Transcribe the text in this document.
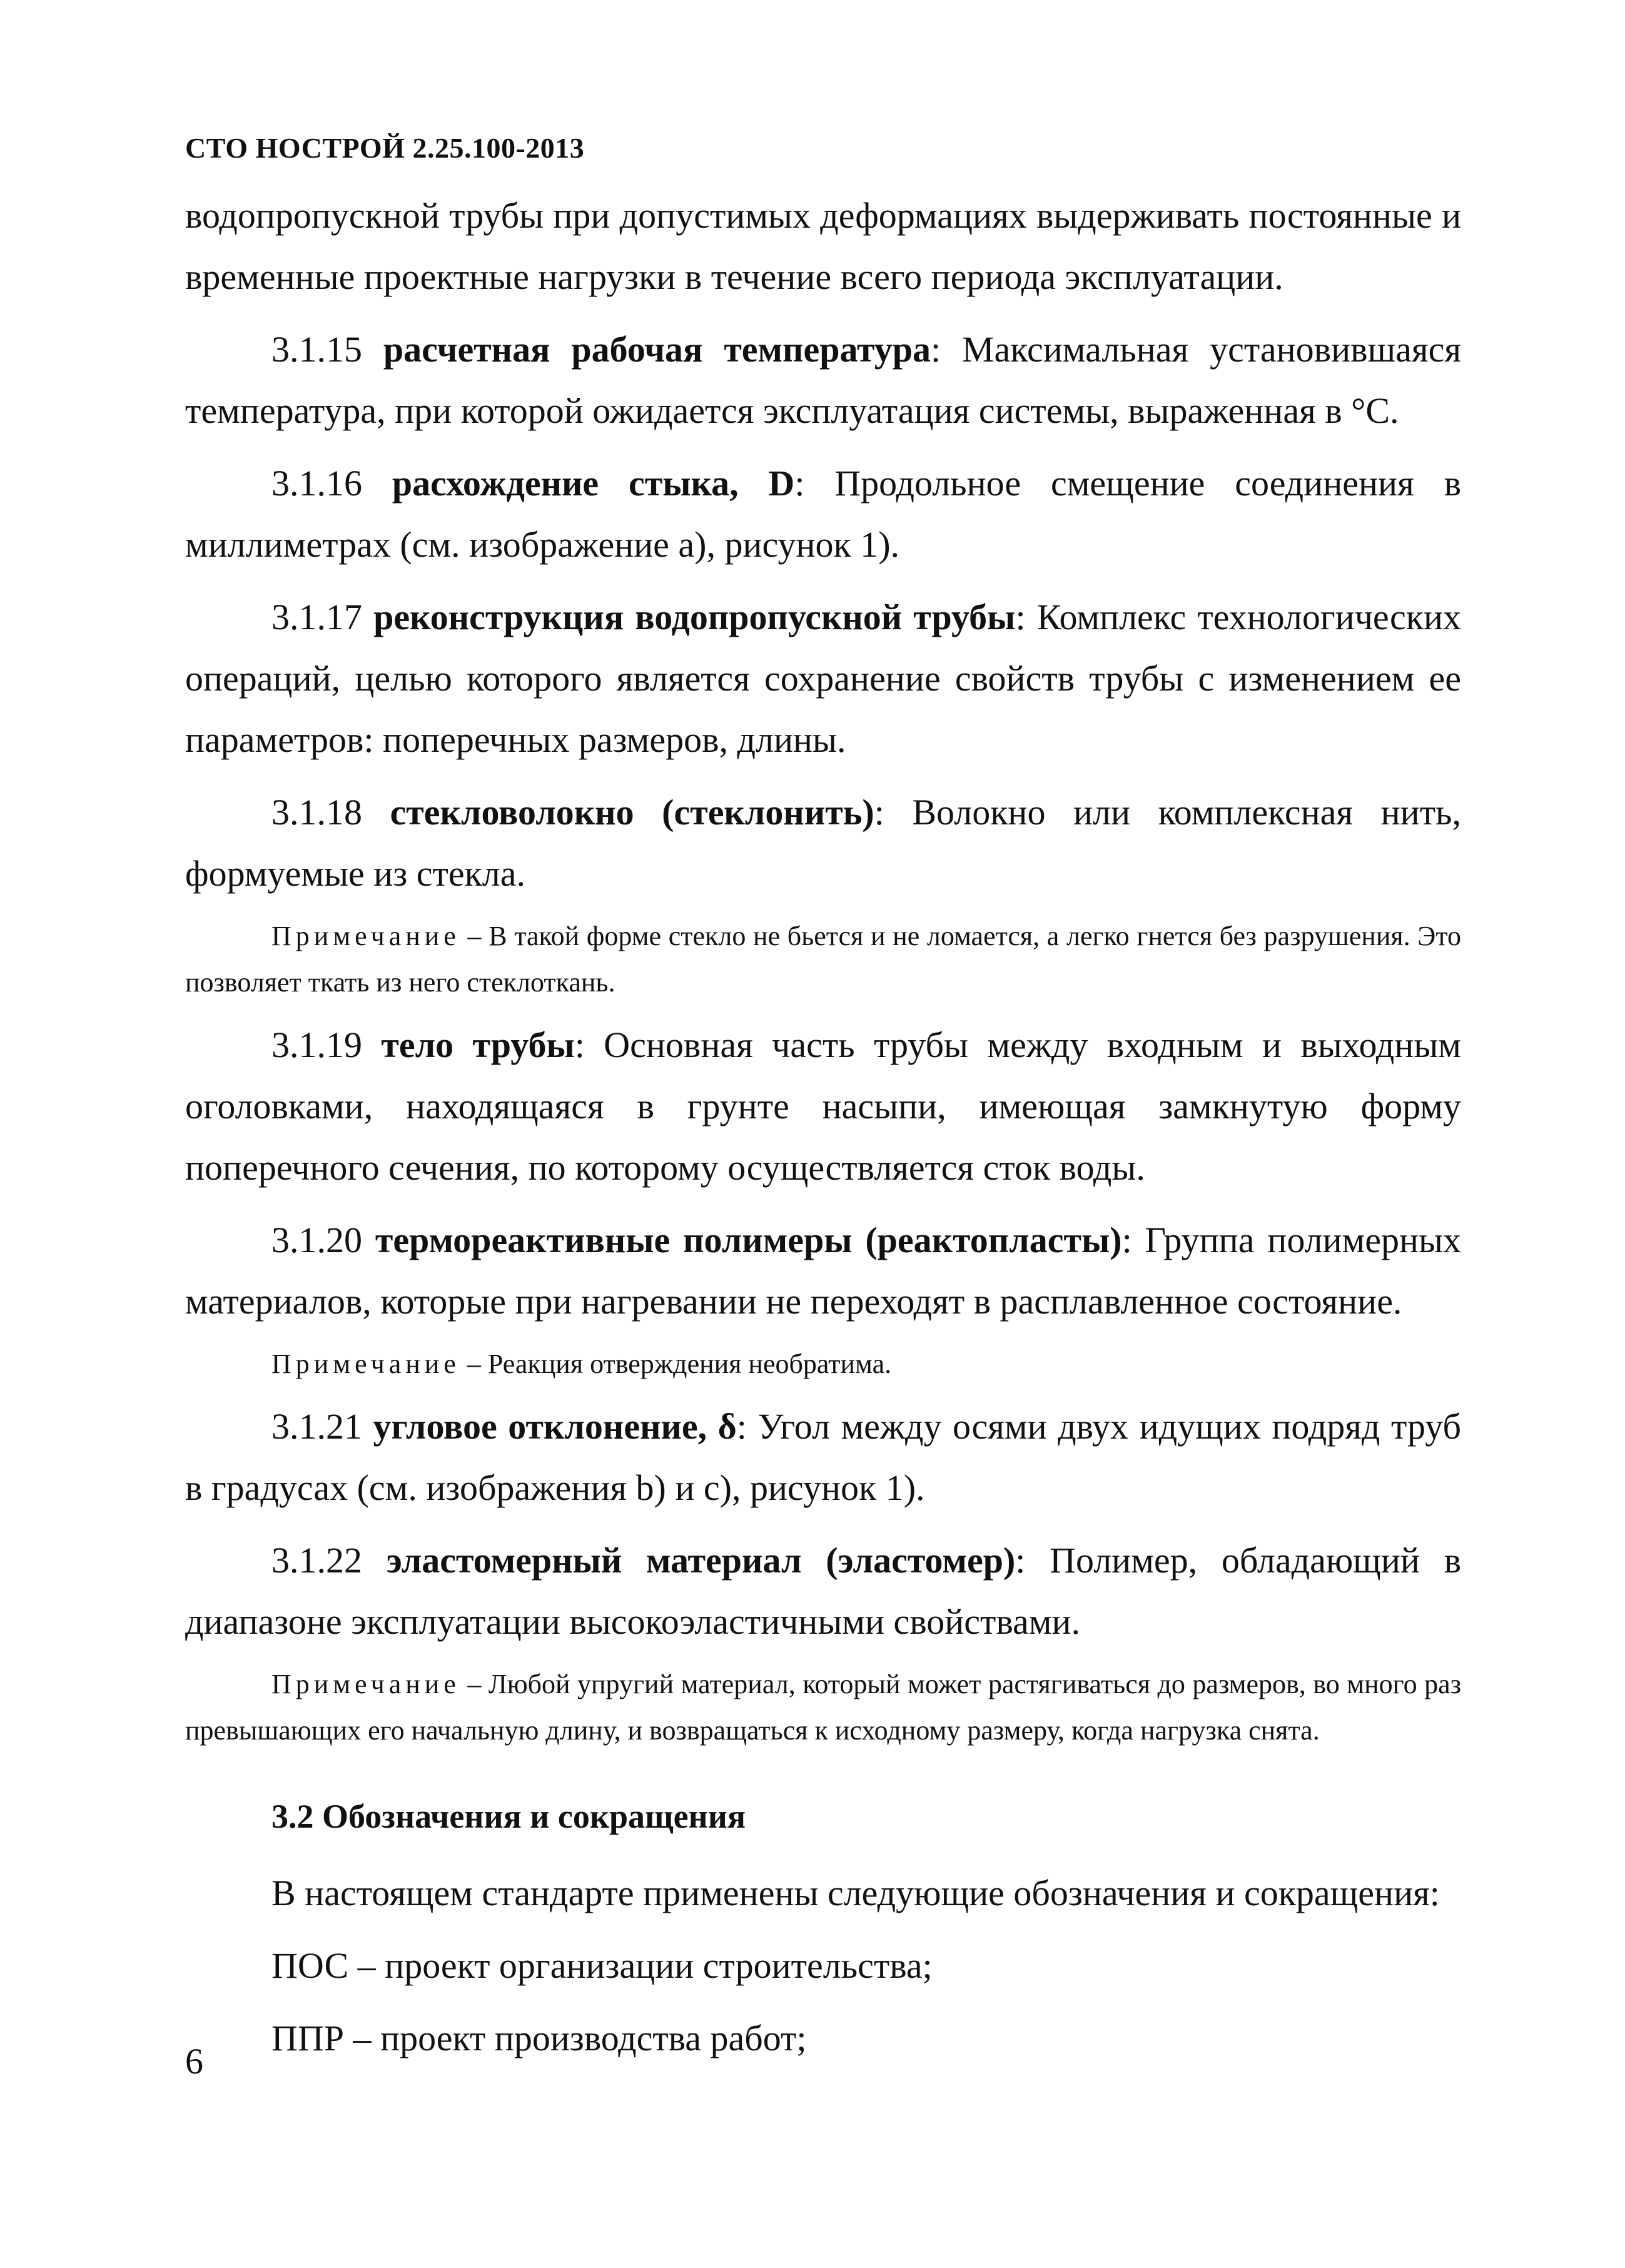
СТО НОСТРОЙ 2.25.100-2013

водопропускной трубы при допустимых деформациях выдерживать постоянные и временные проектные нагрузки в течение всего периода эксплуатации.

3.1.15 расчетная рабочая температура: Максимальная установившаяся температура, при которой ожидается эксплуатация системы, выраженная в °С.

3.1.16 расхождение стыка, D: Продольное смещение соединения в миллиметрах (см. изображение а), рисунок 1).

3.1.17 реконструкция водопропускной трубы: Комплекс технологических операций, целью которого является сохранение свойств трубы с изменением ее параметров: поперечных размеров, длины.

3.1.18 стекловолокно (стеклонить): Волокно или комплексная нить, формуемые из стекла.

Примечание – В такой форме стекло не бьется и не ломается, а легко гнется без разрушения. Это позволяет ткать из него стеклоткань.

3.1.19 тело трубы: Основная часть трубы между входным и выходным оголовками, находящаяся в грунте насыпи, имеющая замкнутую форму поперечного сечения, по которому осуществляется сток воды.

3.1.20 термореактивные полимеры (реактопласты): Группа полимерных материалов, которые при нагревании не переходят в расплавленное состояние.

Примечание – Реакция отверждения необратима.

3.1.21 угловое отклонение, δ: Угол между осями двух идущих подряд труб в градусах (см. изображения b) и с), рисунок 1).

3.1.22 эластомерный материал (эластомер): Полимер, обладающий в диапазоне эксплуатации высокоэластичными свойствами.

Примечание – Любой упругий материал, который может растягиваться до размеров, во много раз превышающих его начальную длину, и возвращаться к исходному размеру, когда нагрузка снята.
3.2 Обозначения и сокращения

В настоящем стандарте применены следующие обозначения и сокращения:

ПОС – проект организации строительства;

ППР – проект производства работ;

6
